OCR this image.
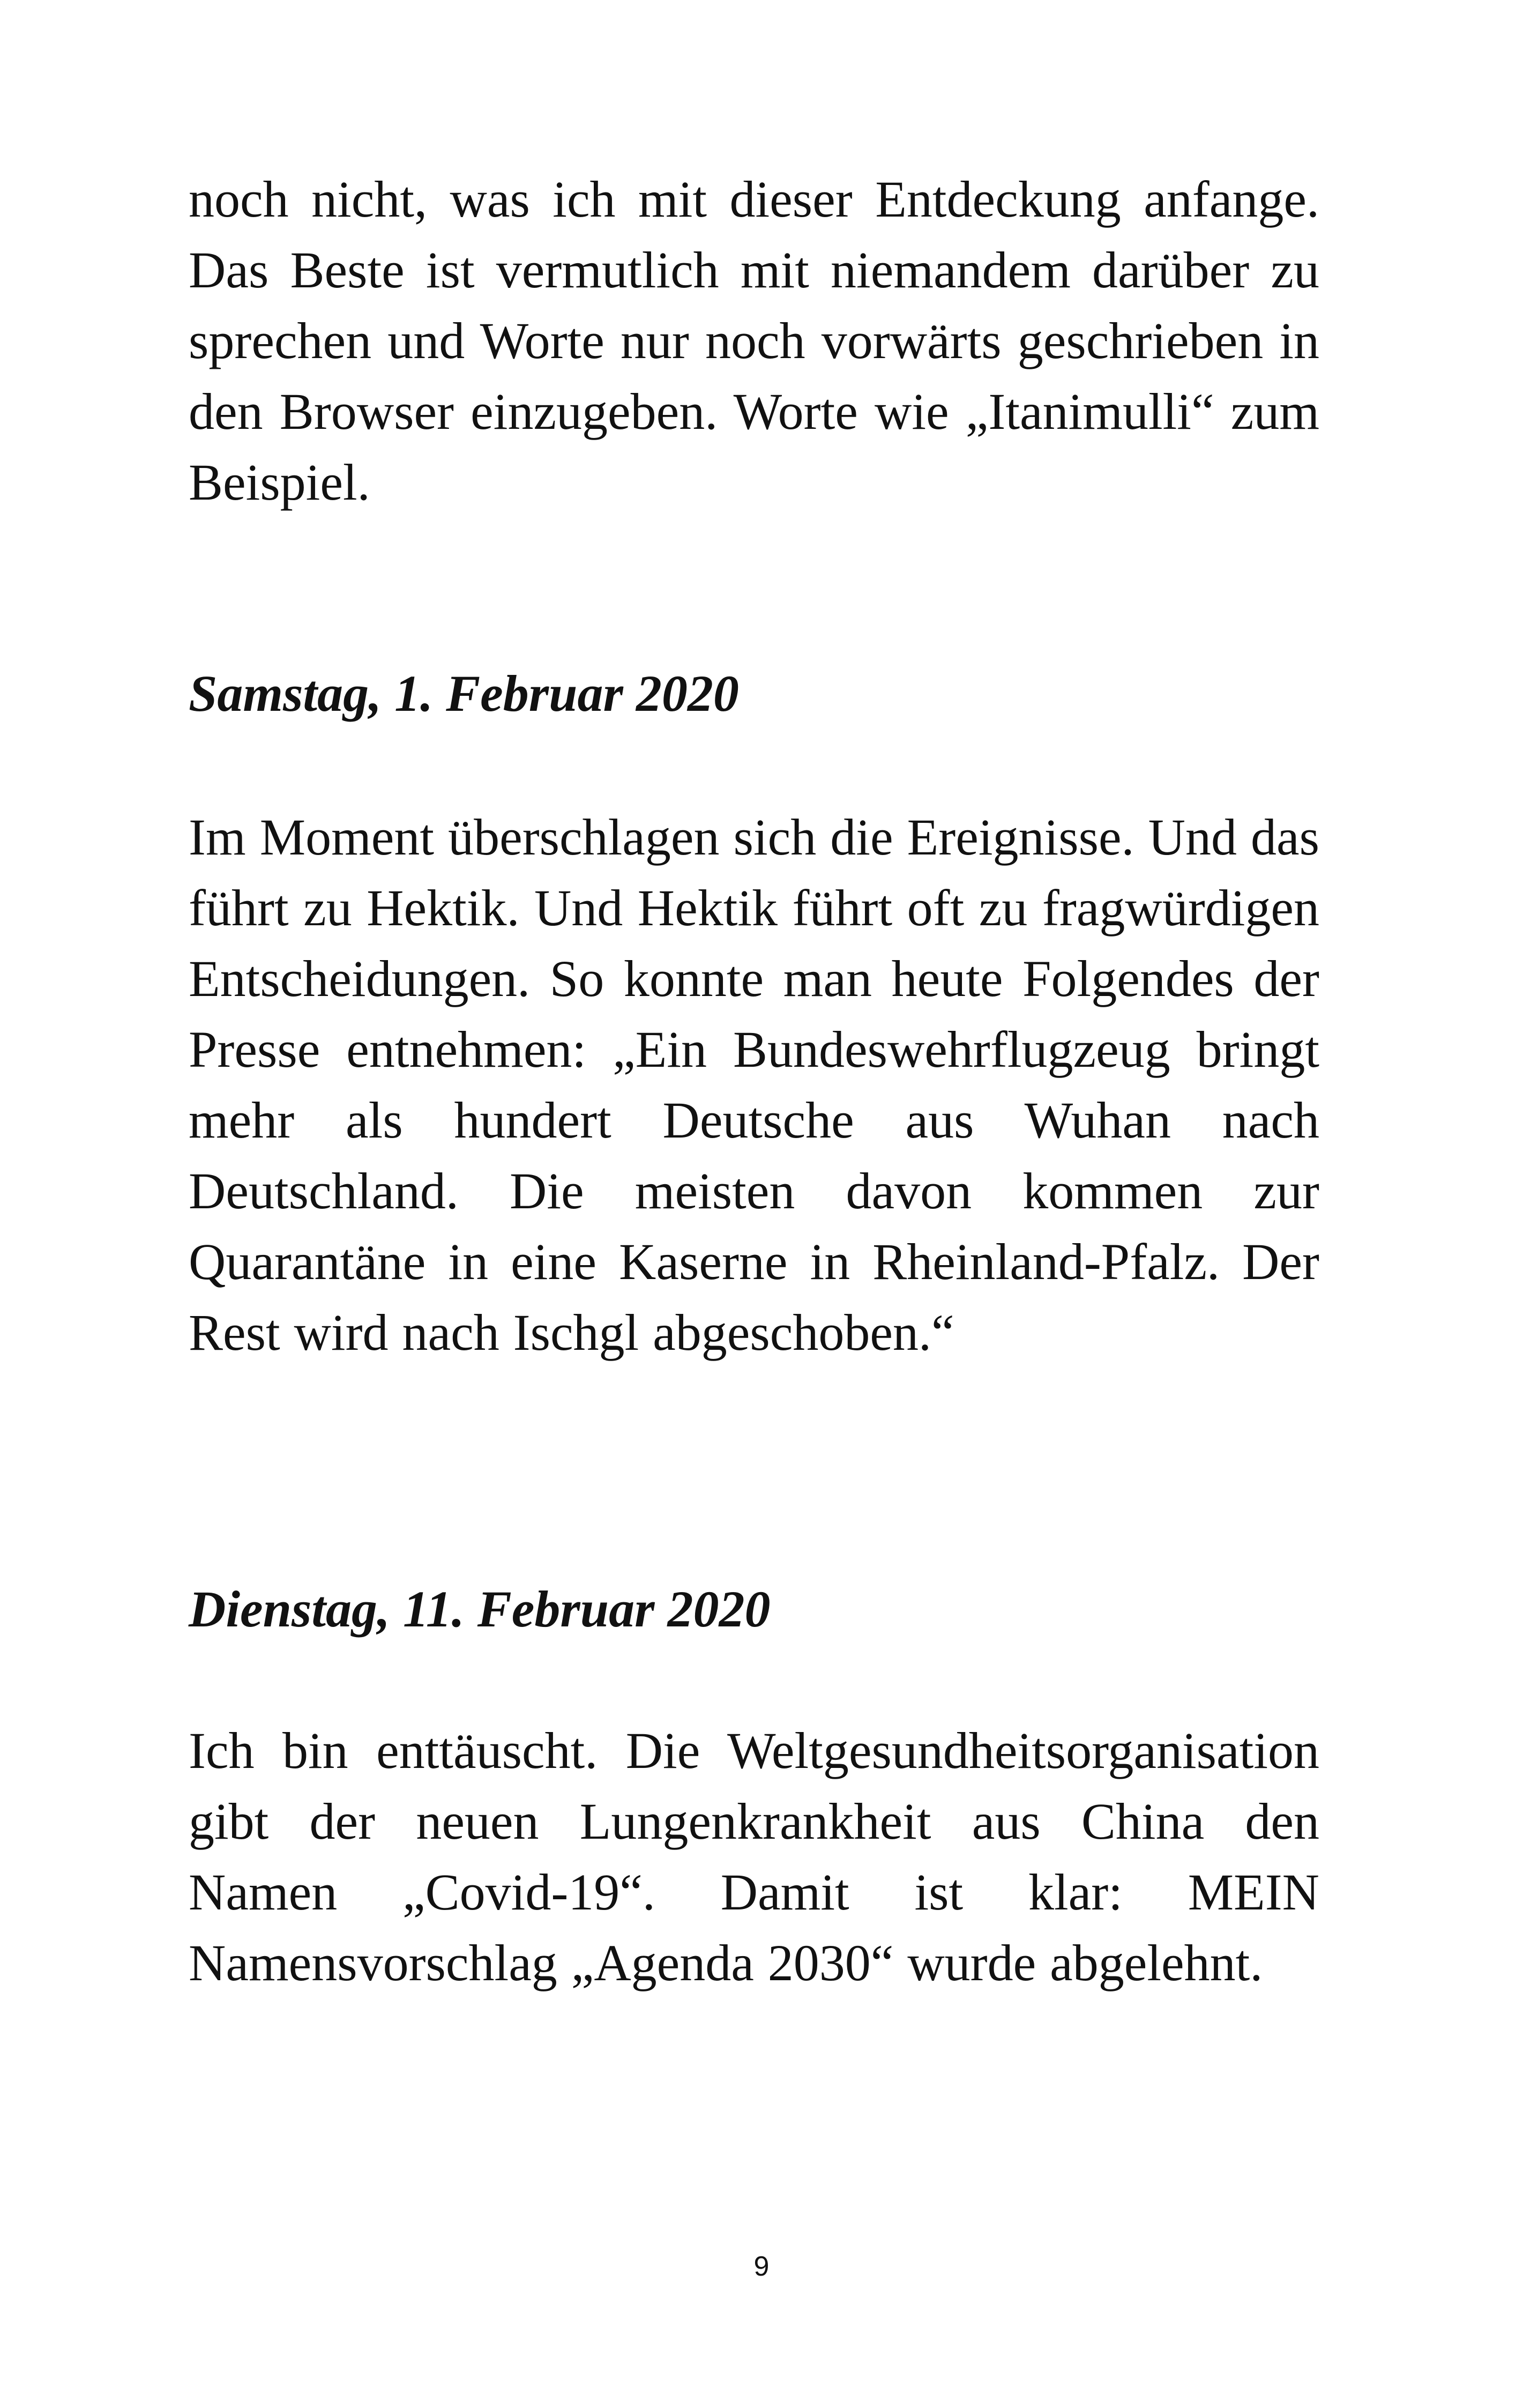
noch nicht, was ich mit dieser Entdeckung anfange. Das Beste ist vermutlich mit niemandem darüber zu sprechen und Worte nur noch vorwärts geschrieben in den Browser einzugeben. Worte wie „Itanimulli“ zum Beispiel.

Samstag, 1. Februar 2020

Im Moment überschlagen sich die Ereignisse. Und das führt zu Hektik. Und Hektik führt oft zu fragwürdigen Entscheidungen. So konnte man heute Folgendes der Presse entnehmen: „Ein Bundeswehrflugzeug bringt mehr als hundert Deutsche aus Wuhan nach Deutschland. Die meisten davon kommen zur Quarantäne in eine Kaserne in Rheinland-Pfalz. Der Rest wird nach Ischgl abgeschoben.“

Dienstag, 11. Februar 2020

Ich bin enttäuscht. Die Weltgesundheitsorganisation gibt der neuen Lungenkrankheit aus China den Namen „Covid-19“. Damit ist klar: MEIN Namensvorschlag „Agenda 2030“ wurde abgelehnt.

9
